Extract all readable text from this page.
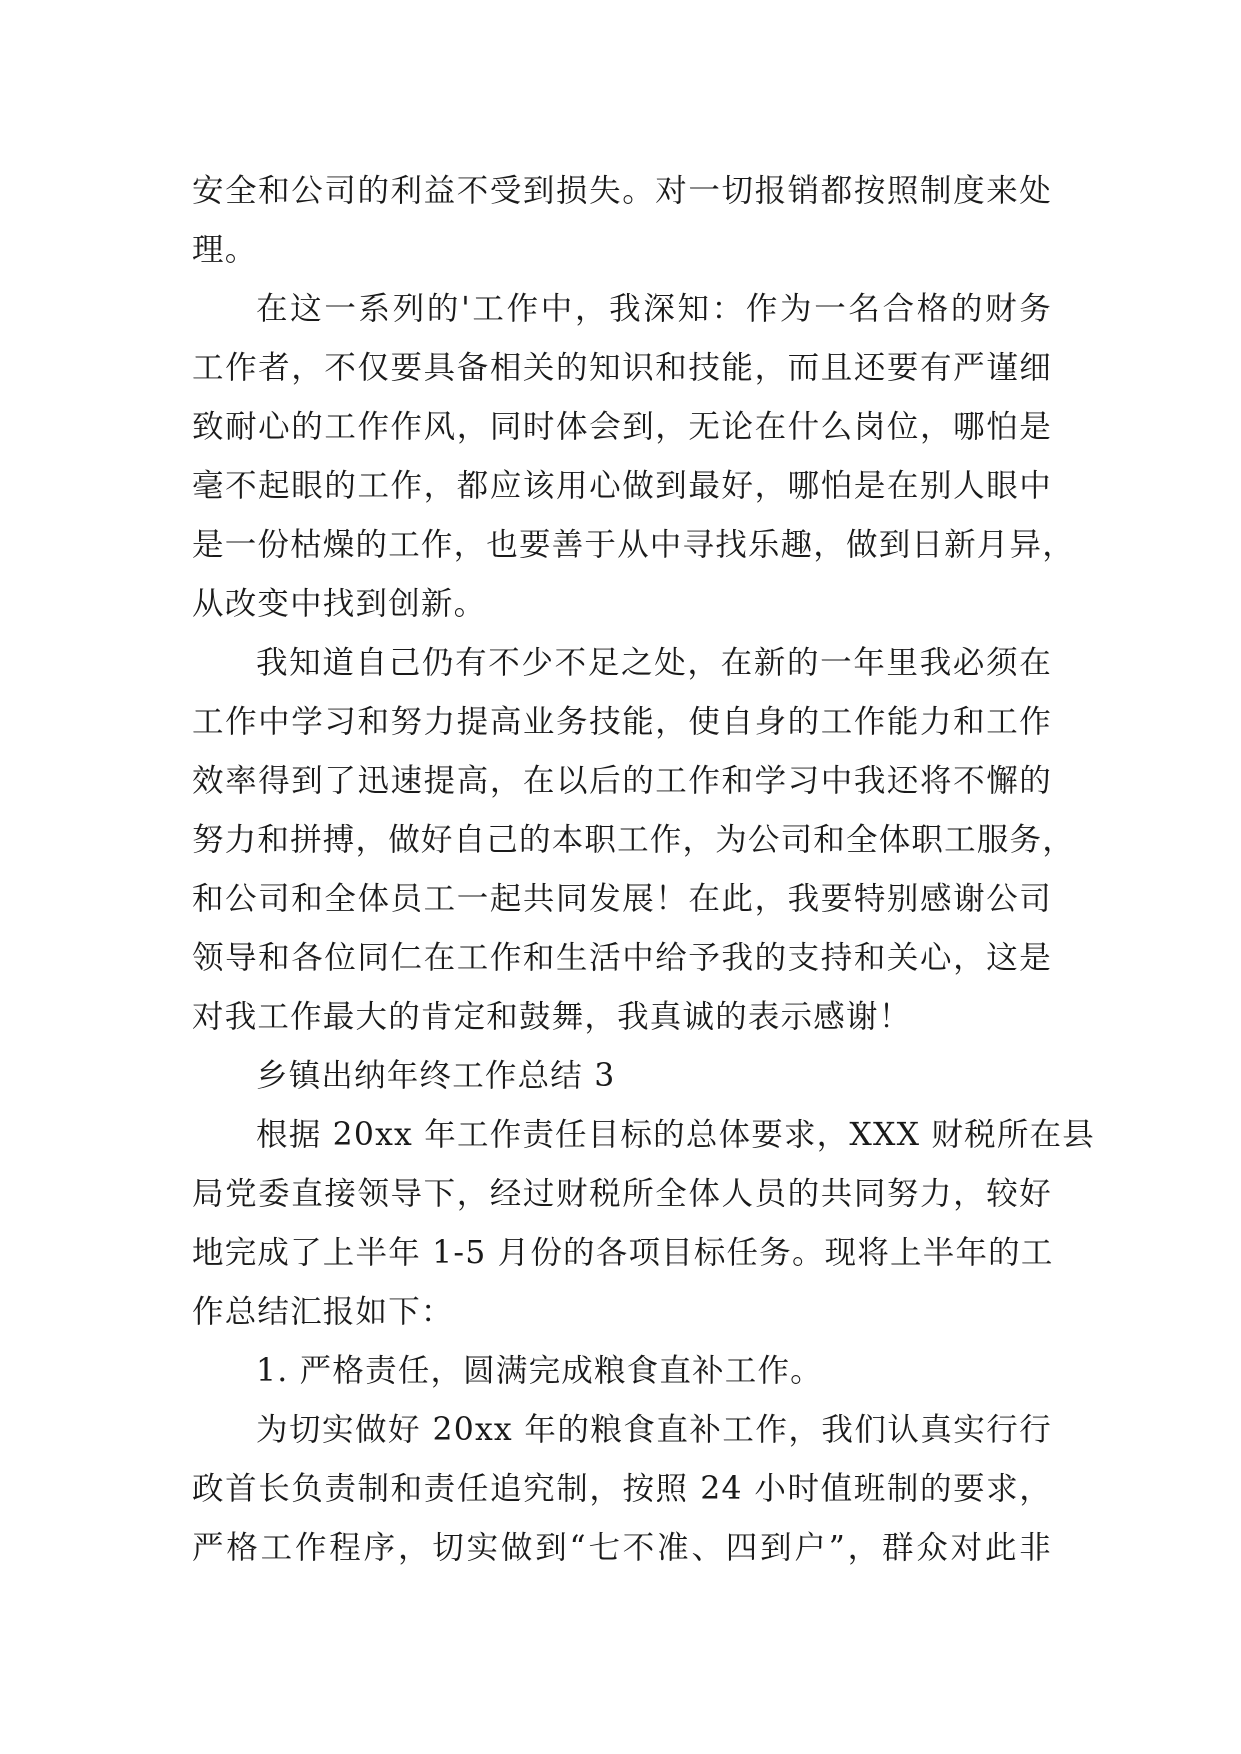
安全和公司的利益不受到损失。对一切报销都按照制度来处
理。
在这一系列的'工作中，我深知：作为一名合格的财务
工作者，不仅要具备相关的知识和技能，而且还要有严谨细
致耐心的工作作风，同时体会到，无论在什么岗位，哪怕是
毫不起眼的工作，都应该用心做到最好，哪怕是在别人眼中
是一份枯燥的工作，也要善于从中寻找乐趣，做到日新月异，
从改变中找到创新。
我知道自己仍有不少不足之处，在新的一年里我必须在
工作中学习和努力提高业务技能，使自身的工作能力和工作
效率得到了迅速提高，在以后的工作和学习中我还将不懈的
努力和拼搏，做好自己的本职工作，为公司和全体职工服务，
和公司和全体员工一起共同发展！在此，我要特别感谢公司
领导和各位同仁在工作和生活中给予我的支持和关心，这是
对我工作最大的肯定和鼓舞，我真诚的表示感谢！
乡镇出纳年终工作总结 3
根据 20xx 年工作责任目标的总体要求，XXX 财税所在县
局党委直接领导下，经过财税所全体人员的共同努力，较好
地完成了上半年 1-5 月份的各项目标任务。现将上半年的工
作总结汇报如下：
1. 严格责任，圆满完成粮食直补工作。
为切实做好 20xx 年的粮食直补工作，我们认真实行行
政首长负责制和责任追究制，按照 24 小时值班制的要求，
严格工作程序，切实做到“七不准、四到户”，群众对此非
